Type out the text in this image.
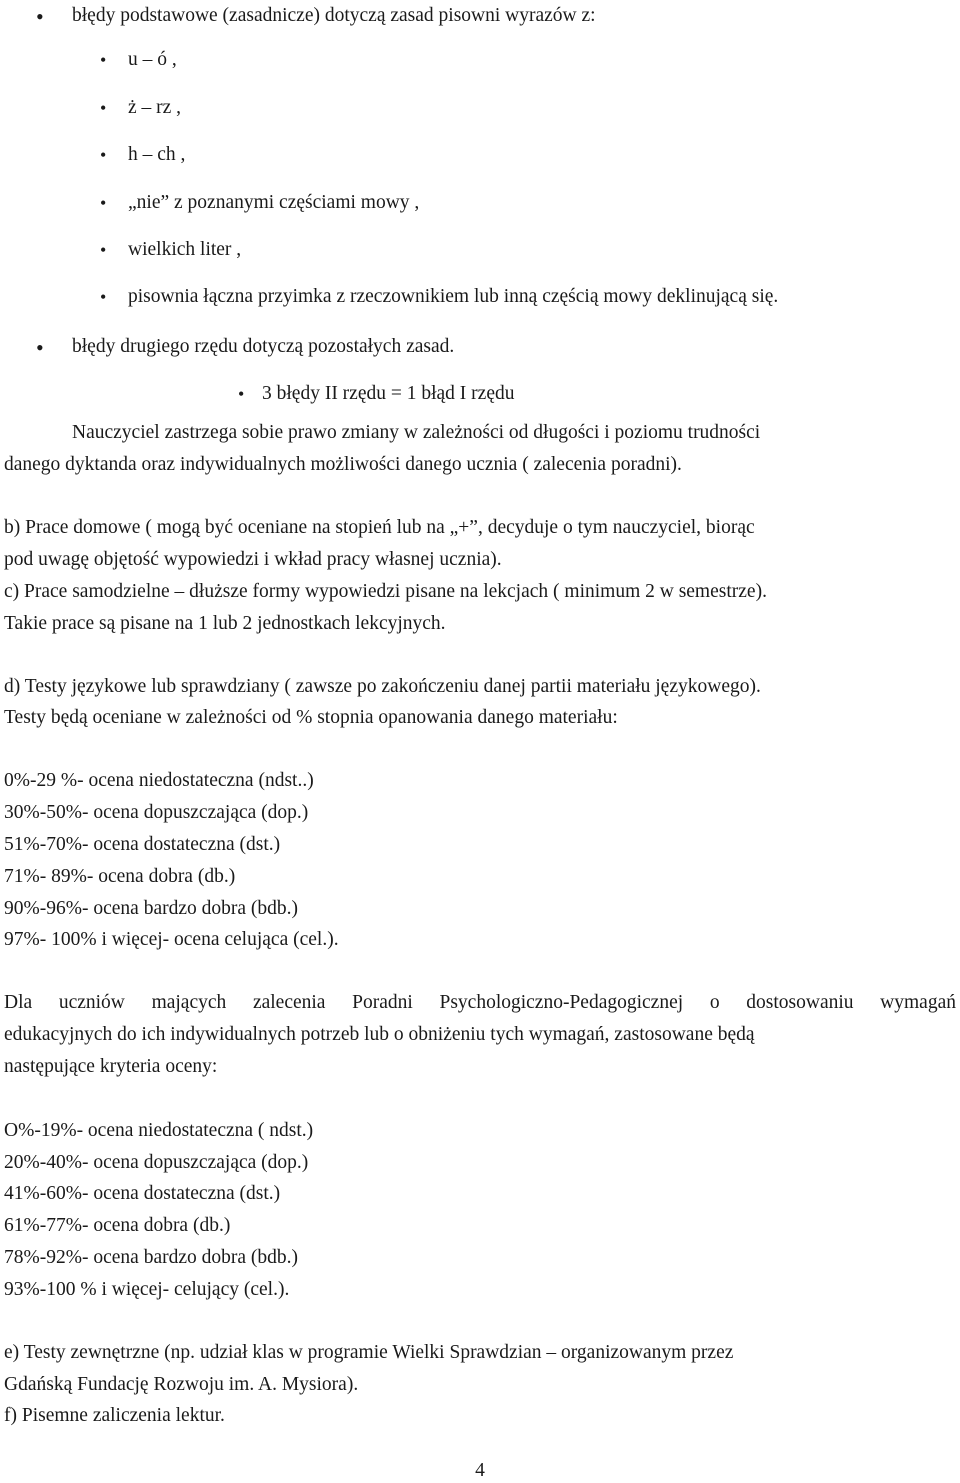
• błędy podstawowe (zasadnicze) dotyczą zasad pisowni wyrazów z:
• u – ó ,
• ż – rz ,
• h – ch ,
• „nie” z poznanymi częściami mowy ,
• wielkich liter ,
• pisownia łączna przyimka z rzeczownikiem lub inną częścią mowy deklinującą się.
• błędy drugiego rzędu dotyczą pozostałych zasad.
• 3 błędy II rzędu = 1 błąd I rzędu
Nauczyciel zastrzega sobie prawo zmiany w zależności od długości i poziomu trudności
danego dyktanda oraz indywidualnych możliwości danego ucznia ( zalecenia poradni).
b) Prace domowe ( mogą być oceniane na stopień lub na „+”, decyduje o tym nauczyciel, biorąc
pod uwagę objętość wypowiedzi i wkład pracy własnej ucznia).
c) Prace samodzielne – dłuższe formy wypowiedzi pisane na lekcjach ( minimum 2 w semestrze).
Takie prace są pisane na 1 lub 2 jednostkach lekcyjnych.
d) Testy językowe lub sprawdziany ( zawsze po zakończeniu danej partii materiału językowego).
Testy będą oceniane w zależności od % stopnia opanowania danego materiału:
0%-29 %- ocena niedostateczna (ndst..)
30%-50%- ocena dopuszczająca (dop.)
51%-70%- ocena dostateczna (dst.)
71%- 89%- ocena dobra (db.)
90%-96%- ocena bardzo dobra (bdb.)
97%- 100% i więcej- ocena celująca (cel.).
Dla uczniów mających zalecenia Poradni Psychologiczno-Pedagogicznej o dostosowaniu wymagań
edukacyjnych do ich indywidualnych potrzeb lub o obniżeniu tych wymagań, zastosowane będą
następujące kryteria oceny:
O%-19%- ocena niedostateczna ( ndst.)
20%-40%- ocena dopuszczająca (dop.)
41%-60%- ocena dostateczna (dst.)
61%-77%- ocena dobra (db.)
78%-92%- ocena bardzo dobra (bdb.)
93%-100 % i więcej- celujący (cel.).
e) Testy zewnętrzne (np. udział klas w programie Wielki Sprawdzian – organizowanym przez
Gdańską Fundację Rozwoju im. A. Mysiora).
f) Pisemne zaliczenia lektur.
4
